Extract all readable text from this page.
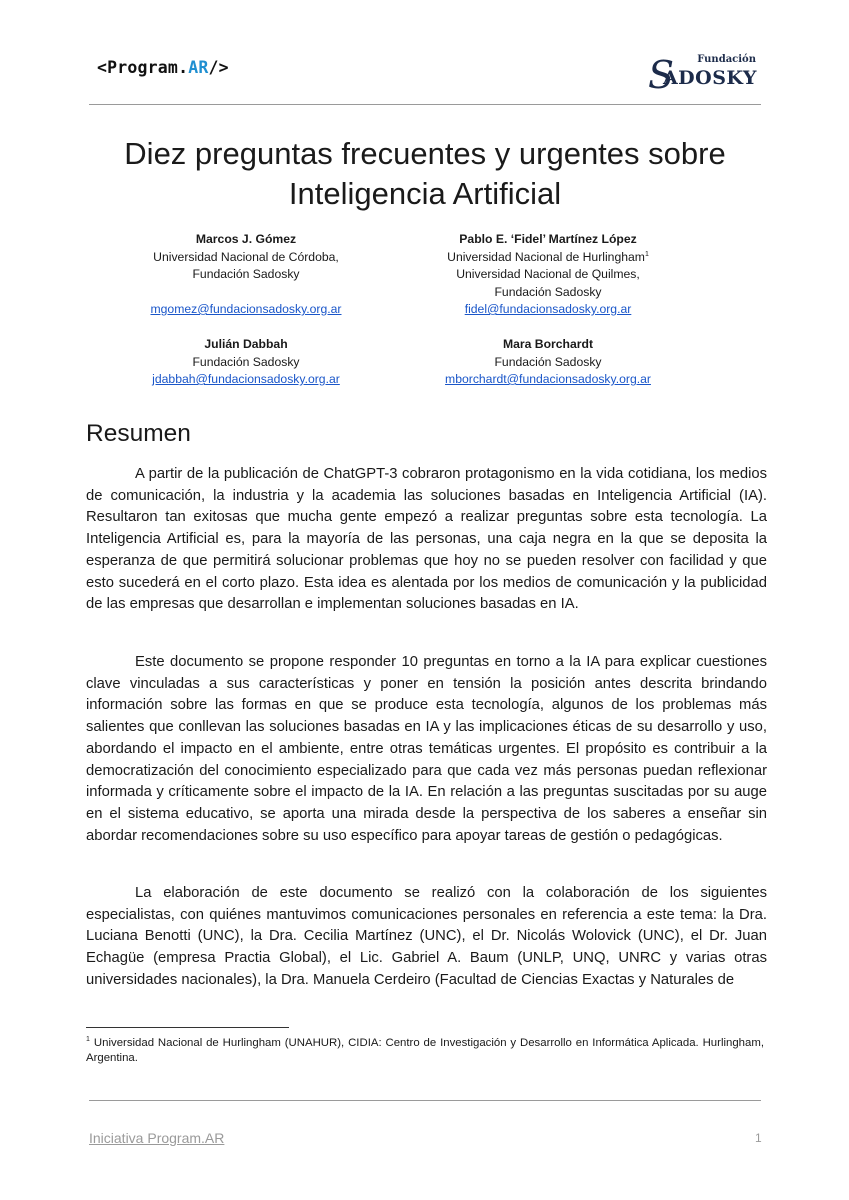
<Program.AR/>	S Fundación
ADOSKY
Diez preguntas frecuentes y urgentes sobre Inteligencia Artificial
Marcos J. Gómez
Universidad Nacional de Córdoba,
Fundación Sadosky
mgomez@fundacionsadosky.org.ar
Pablo E. ‘Fidel’ Martínez López
Universidad Nacional de Hurlingham$^1$
Universidad Nacional de Quilmes,
Fundación Sadosky
fidel@fundacionsadosky.org.ar
Julián Dabbah
Fundación Sadosky
jdabbah@fundacionsadosky.org.ar
Mara Borchardt
Fundación Sadosky
mborchardt@fundacionsadosky.org.ar
Resumen

A partir de la publicación de ChatGPT-3 cobraron protagonismo en la vida cotidiana, los medios de comunicación, la industria y la academia las soluciones basadas en Inteligencia Artificial (IA). Resultaron tan exitosas que mucha gente empezó a realizar preguntas sobre esta tecnología. La Inteligencia Artificial es, para la mayoría de las personas, una caja negra en la que se deposita la esperanza de que permitirá solucionar problemas que hoy no se pueden resolver con facilidad y que esto sucederá en el corto plazo. Esta idea es alentada por los medios de comunicación y la publicidad de las empresas que desarrollan e implementan soluciones basadas en IA.

Este documento se propone responder 10 preguntas en torno a la IA para explicar cuestiones clave vinculadas a sus características y poner en tensión la posición antes descrita brindando información sobre las formas en que se produce esta tecnología, algunos de los problemas más salientes que conllevan las soluciones basadas en IA y las implicaciones éticas de su desarrollo y uso, abordando el impacto en el ambiente, entre otras temáticas urgentes. El propósito es contribuir a la democratización del conocimiento especializado para que cada vez más personas puedan reflexionar informada y críticamente sobre el impacto de la IA. En relación a las preguntas suscitadas por su auge en el sistema educativo, se aporta una mirada desde la perspectiva de los saberes a enseñar sin abordar recomendaciones sobre su uso específico para apoyar tareas de gestión o pedagógicas.

La elaboración de este documento se realizó con la colaboración de los siguientes especialistas, con quiénes mantuvimos comunicaciones personales en referencia a este tema: la Dra. Luciana Benotti (UNC), la Dra. Cecilia Martínez (UNC), el Dr. Nicolás Wolovick (UNC), el Dr. Juan Echagüe (empresa Practia Global), el Lic. Gabriel A. Baum (UNLP, UNQ, UNRC y varias otras universidades nacionales), la Dra. Manuela Cerdeiro (Facultad de Ciencias Exactas y Naturales de

$^1$ Universidad Nacional de Hurlingham (UNAHUR), CIDIA: Centro de Investigación y Desarrollo en Informática Aplicada. Hurlingham, Argentina.
Iniciativa Program.AR	1
